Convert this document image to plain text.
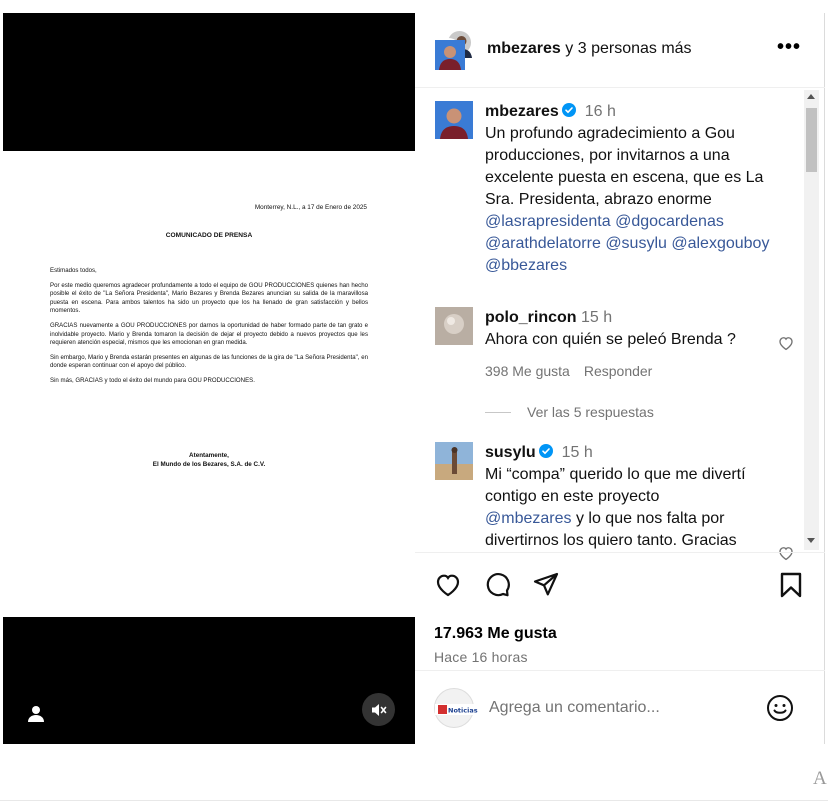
Monterrey, N.L., a 17 de Enero de 2025
COMUNICADO DE PRENSA

Estimados todos,

Por este medio queremos agradecer profundamente a todo el equipo de GOU PRODUCCIONES quienes han hecho posible el éxito de "La Señora Presidenta", Mario Bezares y Brenda Bezares anuncian su salida de la maravillosa puesta en escena. Para ambos talentos ha sido un proyecto que los ha llenado de gran satisfacción y bellos momentos.

GRACIAS nuevamente a GOU PRODUCCIONES por darnos la oportunidad de haber formado parte de tan grato e inolvidable proyecto. Mario y Brenda tomaron la decisión de dejar el proyecto debido a nuevos proyectos que les requieren atención especial, mismos que les emocionan en gran medida.

Sin embargo, Mario y Brenda estarán presentes en algunas de las funciones de la gira de "La Señora Presidenta", en donde esperan continuar con el apoyo del público.

Sin más, GRACIAS y todo el éxito del mundo para GOU PRODUCCIONES.

Atentamente,
El Mundo de los Bezares, S.A. de C.V.
mbezares y 3 personas más	•••
mbezares 16 h
Un profundo agradecimiento a Gou producciones, por invitarnos a una excelente puesta en escena, que es La Sra. Presidenta, abrazo enorme
@lasrapresidenta @dgocardenas @arathdelatorre @susylu @alexgouboy @bbezares
polo_rincon 15 h
Ahora con quién se peleó Brenda ?
398 Me gusta Responder
Ver las 5 respuestas
susylu 15 h
Mi “compa” querido lo que me divertí contigo en este proyecto
@mbezares y lo que nos falta por divertirnos los quiero tanto. Gracias
17.963 Me gusta
Hace 16 horas
Noticias
Agrega un comentario...
A
